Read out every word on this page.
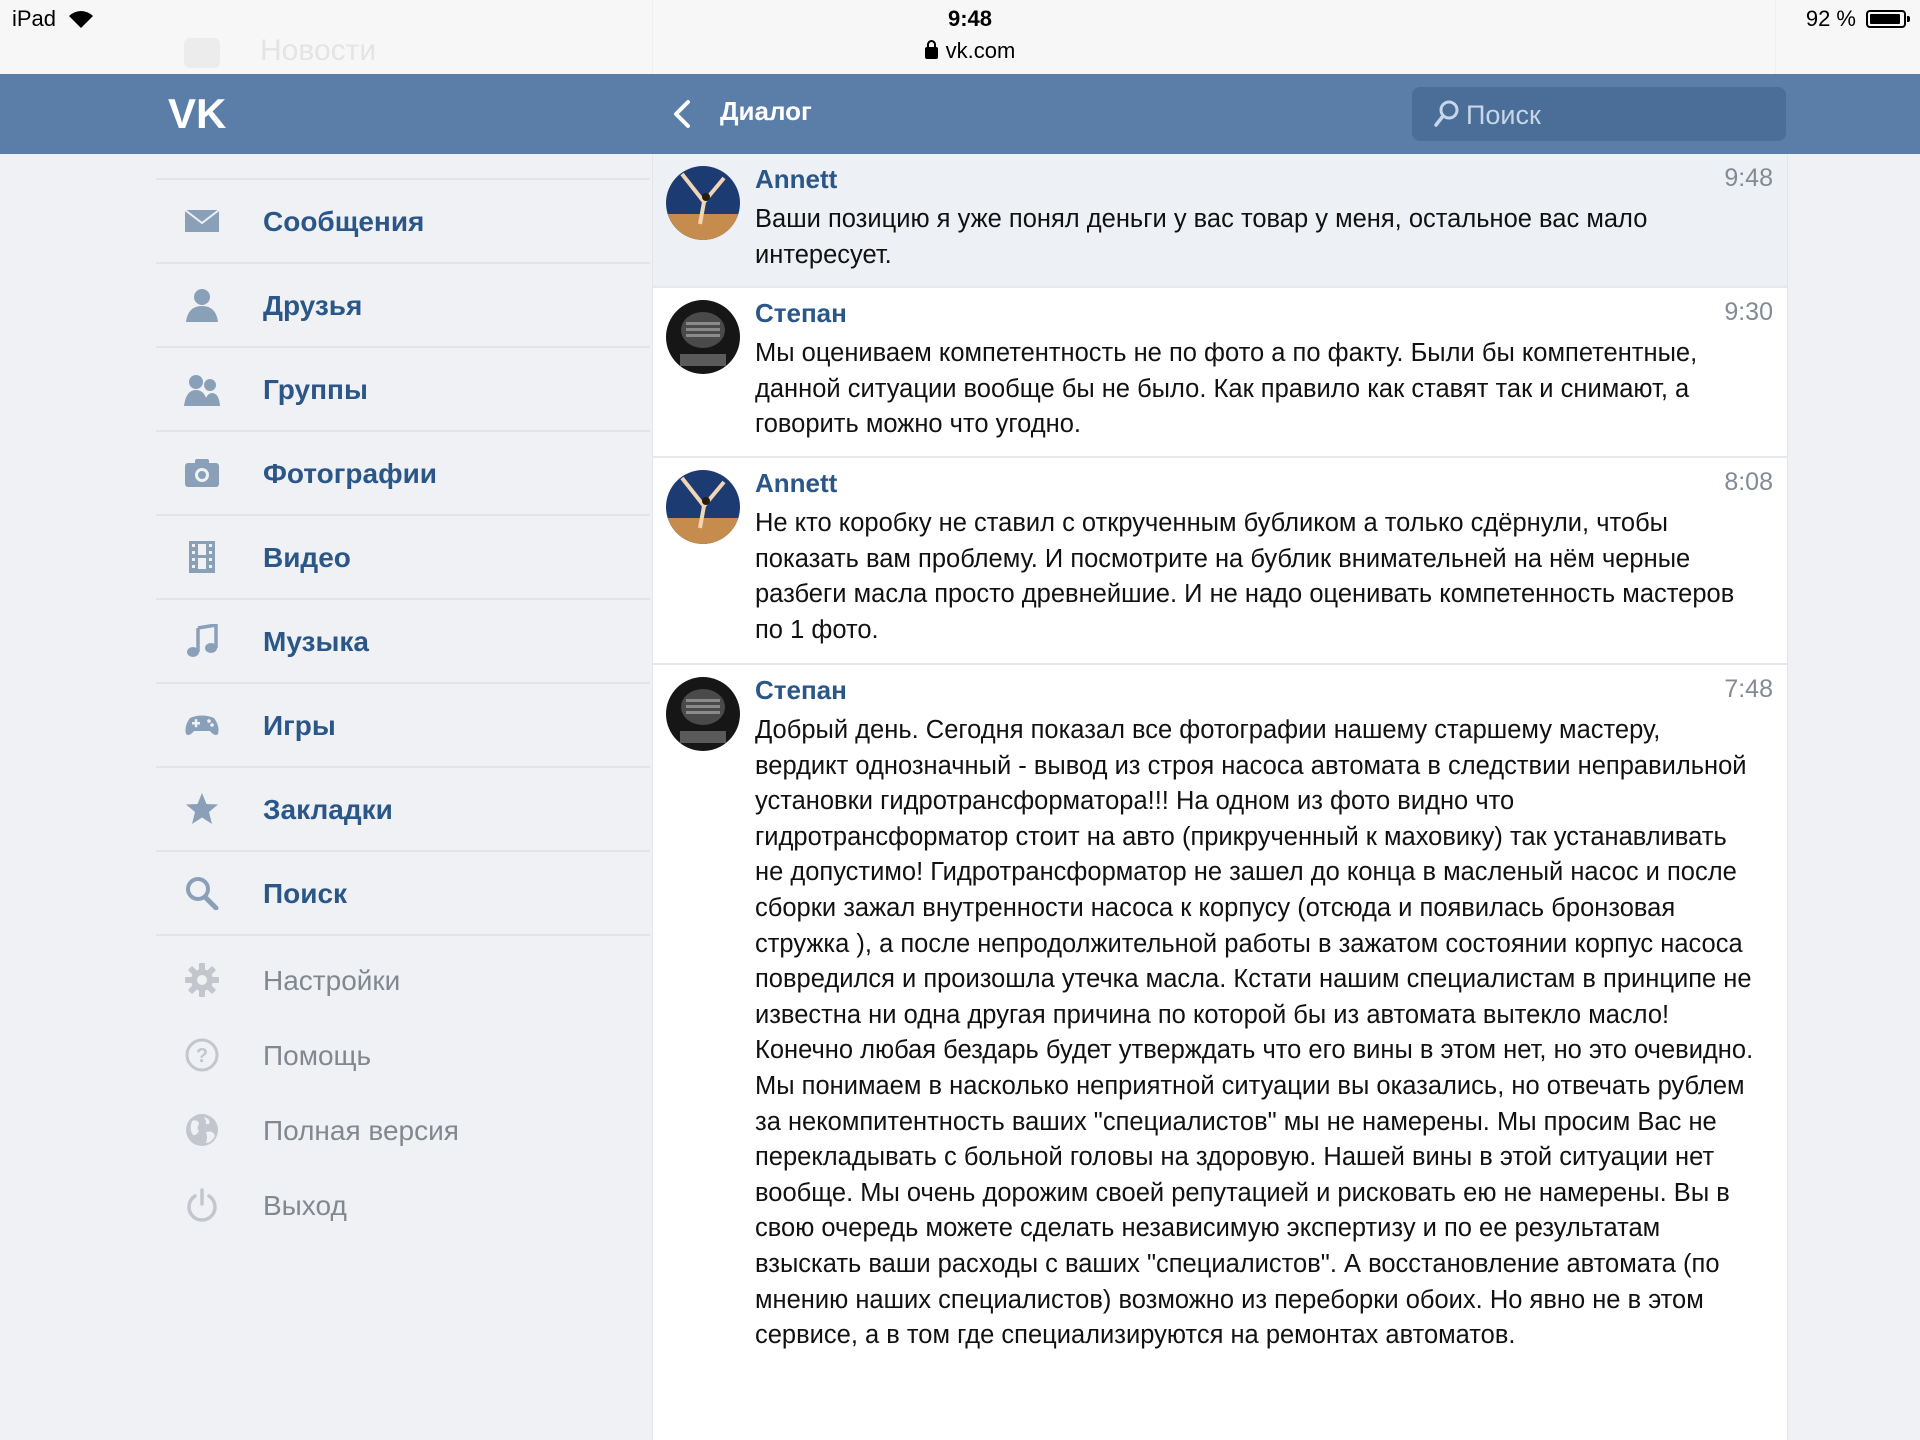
Новости
iPad	9:48
vk.com
92 %
VK	Диалог
Поиск
Сообщения
Друзья
Группы
Фотографии
Видео
Музыка
Игры
Закладки
Поиск
Настройки
? Помощь
Полная версия
Выход
Annett	9:48
Ваши позицию я уже понял деньги у вас товар у меня, остальное вас мало интересует.
Степан	9:30
Мы оцениваем компетентность не по фото а по факту. Были бы компетентные, данной ситуации вообще бы не было. Как правило как ставят так и снимают, а говорить можно что угодно.
Annett	8:08
Не кто коробку не ставил с открученным бубликом а только сдёрнули, чтобы показать вам проблему. И посмотрите на бублик внимательней на нём черные разбеги масла просто древнейшие. И не надо оценивать компетенность мастеров по 1 фото.
Степан	7:48
Добрый день. Сегодня показал все фотографии нашему старшему мастеру, вердикт однозначный - вывод из строя насоса автомата в следствии неправильной установки гидротрансформатора!!! На одном из фото видно что гидротрансформатор стоит на авто (прикрученный к маховику) так устанавливать не допустимо! Гидротрансформатор не зашел до конца в масленый насос и после сборки зажал внутренности насоса к корпусу (отсюда и появилась бронзовая стружка ), а после непродолжительной работы в зажатом состоянии корпус насоса повредился и произошла утечка масла. Кстати нашим специалистам в принципе не известна ни одна другая причина по которой бы из автомата вытекло масло! Конечно любая бездарь будет утверждать что его вины в этом нет, но это очевидно. Мы понимаем в насколько неприятной ситуации вы оказались, но отвечать рублем за некомпитентность ваших "специалистов" мы не намерены. Мы просим Вас не перекладывать с больной головы на здоровую. Нашей вины в этой ситуации нет вообще. Мы очень дорожим своей репутацией и рисковать ею не намерены. Вы в свою очередь можете сделать независимую экспертизу и по ее результатам взыскать ваши расходы с ваших "специалистов". А восстановление автомата (по мнению наших специалистов) возможно из переборки обоих. Но явно не в этом сервисе, а в том где специализируются на ремонтах автоматов.
